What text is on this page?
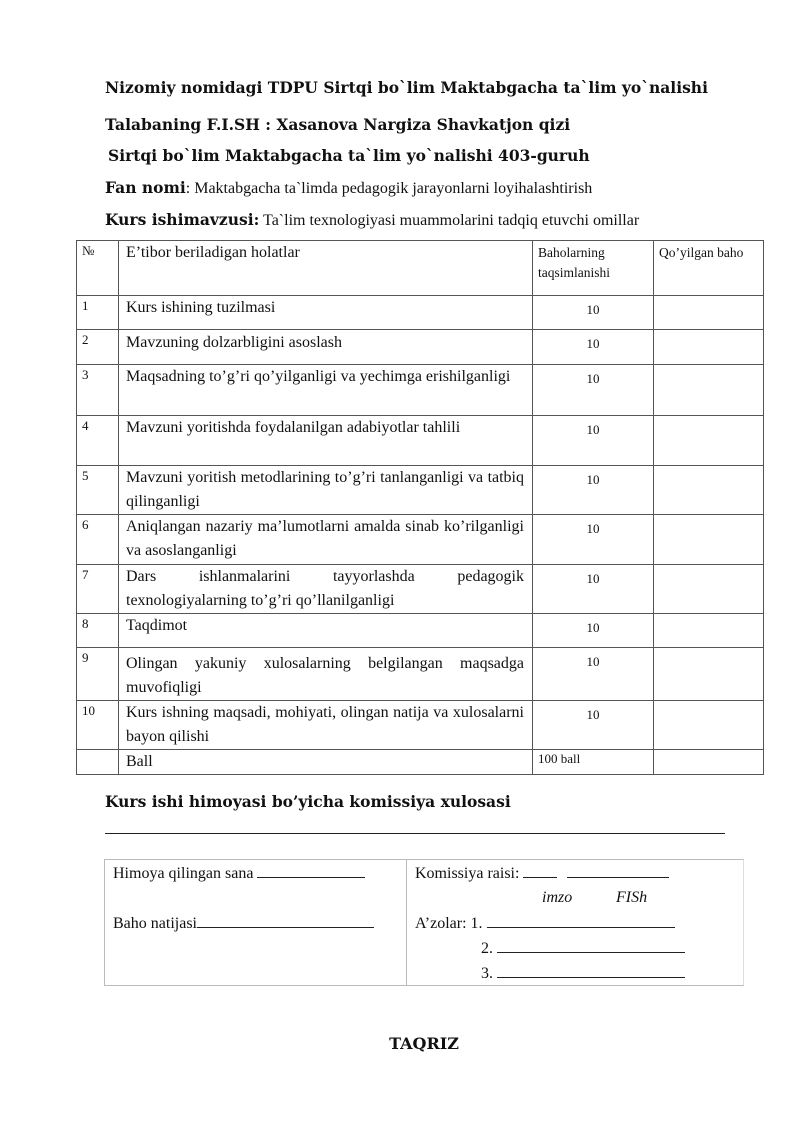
Nizomiy nomidagi TDPU Sirtqi bo`lim Maktabgacha ta`lim yo`nalishi
Talabaning F.I.SH : Xasanova Nargiza Shavkatjon qizi
Sirtqi bo`lim Maktabgacha ta`lim yo`nalishi 403-guruh
Fan nomi: Maktabgacha ta`limda pedagogik jarayonlarni loyihalashtirish
Kurs ishimavzusi: Ta`lim texnologiyasi muammolarini tadqiq etuvchi omillar
№	E’tibor beriladigan holatlar	Baholarning taqsimlanishi	Qo’yilgan baho
1	Kurs ishining tuzilmasi	10	
2	Mavzuning dolzarbligini asoslash	10	
3	Maqsadning to’g’ri qo’yilganligi va yechimga erishilganligi	10	
4	Mavzuni yoritishda foydalanilgan adabiyotlar tahlili	10	
5	Mavzuni yoritish metodlarining to’g’ri tanlanganligi va tatbiq qilinganligi	10	
6	Aniqlangan nazariy ma’lumotlarni amalda sinab ko’rilganligi va asoslanganligi	10	
7	Dars ishlanmalarini tayyorlashda pedagogik texnologiyalarning to’g’ri qo’llanilganligi	10	
8	Taqdimot	10	
9	Olingan yakuniy xulosalarning belgilangan maqsadga muvofiqligi	10	
10	Kurs ishning maqsadi, mohiyati, olingan natija va xulosalarni bayon qilishi	10	
	Ball	100 ball	
Kurs ishi himoyasi bo’yicha komissiya xulosasi
Himoya qilingan sana
Baho natijasi
Komissiya raisi:
imzo	FISh
A’zolar: 1.
2.
3.
TAQRIZ
